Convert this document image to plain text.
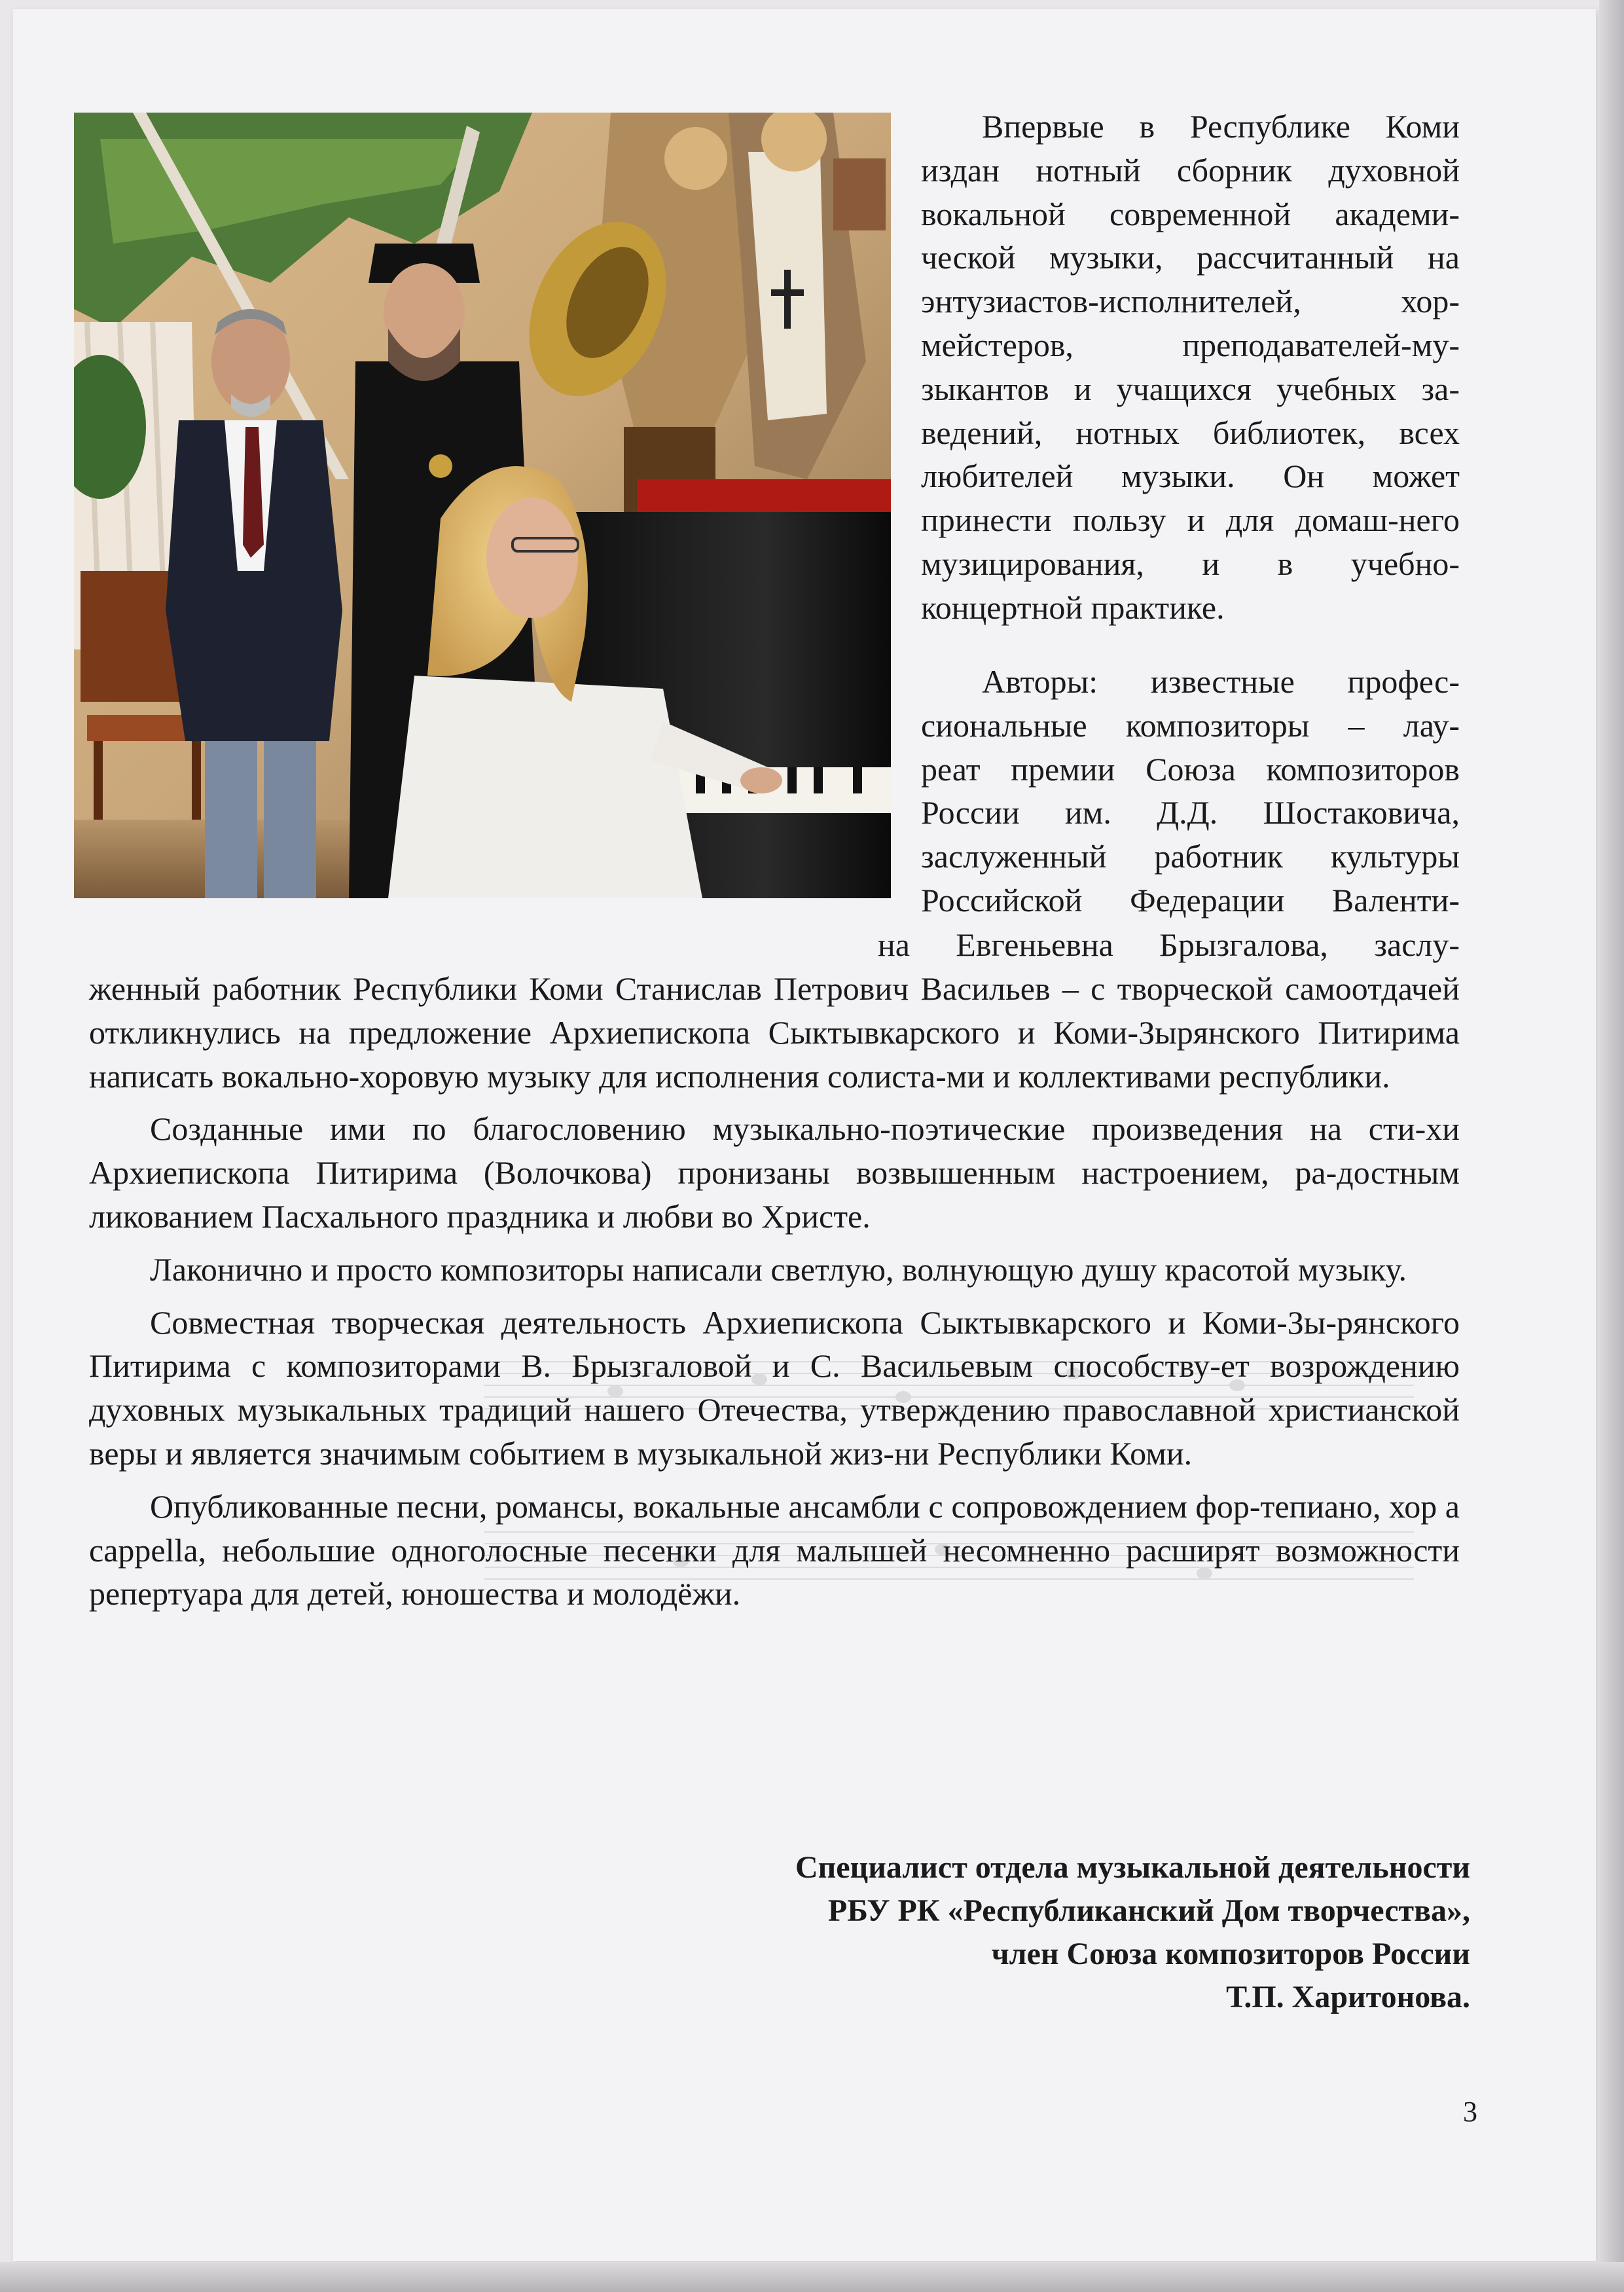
Впервые в Республике Коми издан нотный сборник духовной вокальной современной академи-ческой музыки, рассчитанный на энтузиастов-исполнителей, хор-мейстеров, преподавателей-му-зыкантов и учащихся учебных за-ведений, нотных библиотек, всех любителей музыки. Он может принести пользу и для домаш-него музицирования, и в учебно-концертной практике.

Авторы: известные профес-

сиональные композиторы – лау-

реат премии Союза композиторов

России им. Д.Д. Шостаковича,

заслуженный работник культуры

Российской Федерации Валенти-

на Евгеньевна Брызгалова, заслу-

женный работник Республики Коми Станислав Петрович Васильев – с творческой самоотдачей откликнулись на предложение Архиепископа Сыктывкарского и Коми-Зырянского Питирима написать вокально-хоровую музыку для исполнения солиста-ми и коллективами республики.

Созданные ими по благословению музыкально-поэтические произведения на сти-хи Архиепископа Питирима (Волочкова) пронизаны возвышенным настроением, ра-достным ликованием Пасхального праздника и любви во Христе.

Лаконично и просто композиторы написали светлую, волнующую душу красотой музыку.

Совместная творческая деятельность Архиепископа Сыктывкарского и Коми-Зы-рянского Питирима с композиторами В. Брызгаловой и С. Васильевым способству-ет возрождению духовных музыкальных традиций нашего Отечества, утверждению православной христианской веры и является значимым событием в музыкальной жиз-ни Республики Коми.

Опубликованные песни, романсы, вокальные ансамбли с сопровождением фор-тепиано, хор a cappella, небольшие одноголосные песенки для малышей несомненно расширят возможности репертуара для детей, юношества и молодёжи.

Специалист отдела музыкальной деятельности
РБУ РК «Республиканский Дом творчества»,
член Союза композиторов России
Т.П. Харитонова.
3
